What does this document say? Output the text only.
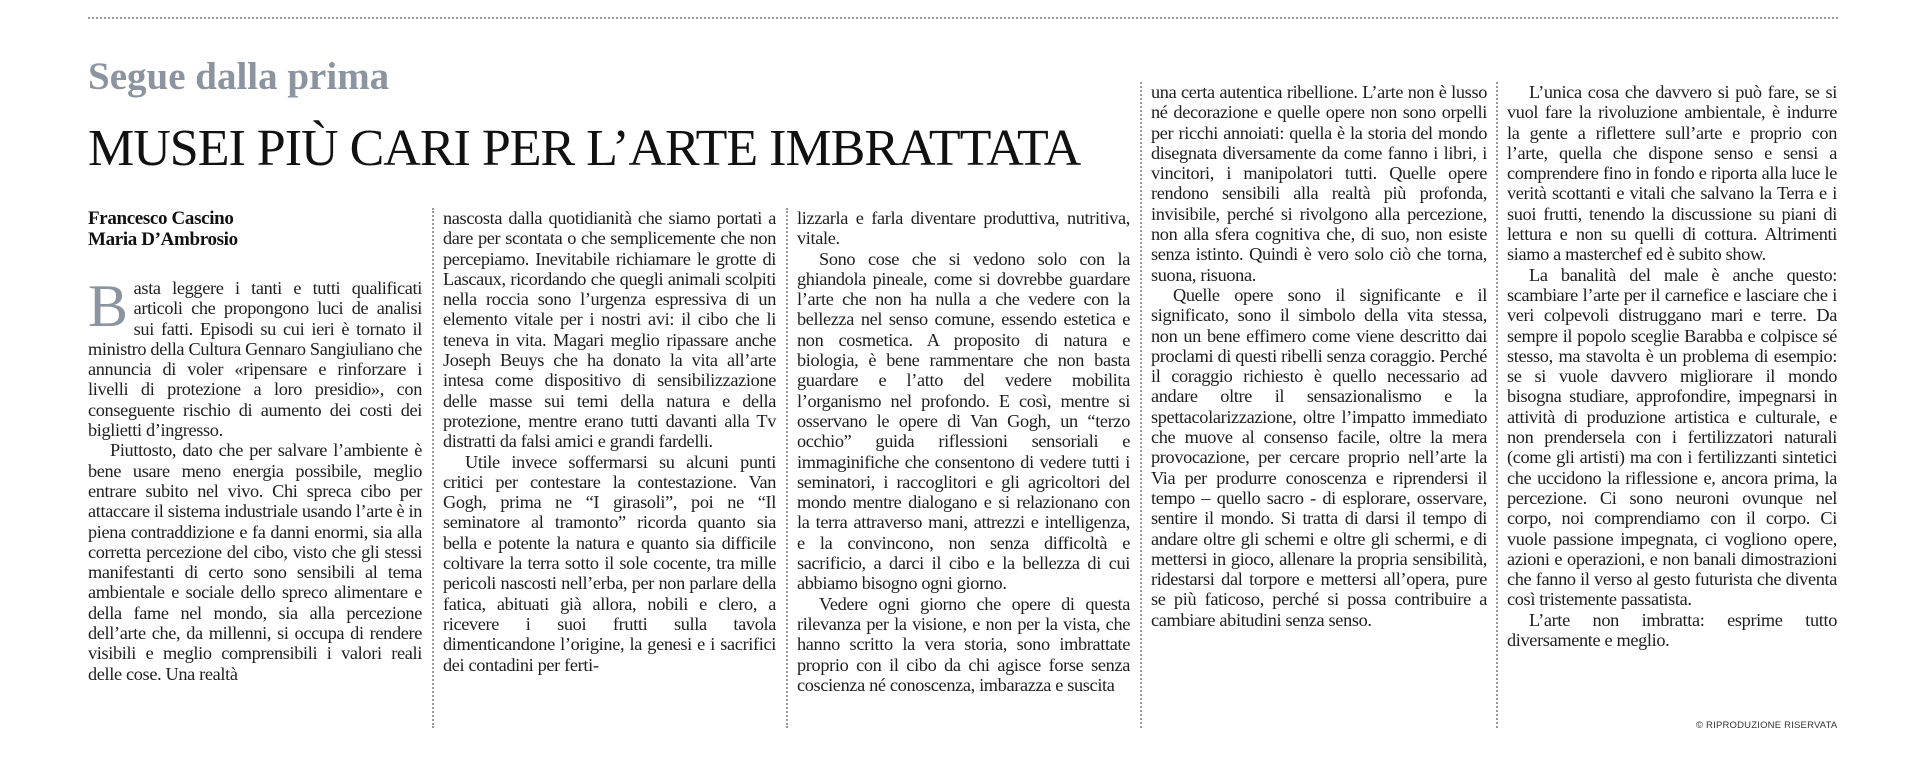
Segue dalla prima
MUSEI PIÙ CARI PER L’ARTE IMBRATTATA
Francesco Cascino
Maria D’Ambrosio

Basta leggere i tanti e tutti qualificati articoli che propongono luci de analisi sui fatti. Episodi su cui ieri è tornato il ministro della Cultura Gennaro Sangiuliano che annuncia di voler «ripensare e rinforzare i livelli di protezione a loro presidio», con conseguente rischio di aumento dei costi dei biglietti d’ingresso.

Piuttosto, dato che per salvare l’ambiente è bene usare meno energia possibile, meglio entrare subito nel vivo. Chi spreca cibo per attaccare il sistema industriale usando l’arte è in piena contraddizione e fa danni enormi, sia alla corretta percezione del cibo, visto che gli stessi manifestanti di certo sono sensibili al tema ambientale e sociale dello spreco alimentare e della fame nel mondo, sia alla percezione dell’arte che, da millenni, si occupa di rendere visibili e meglio comprensibili i valori reali delle cose. Una realtà

nascosta dalla quotidianità che siamo portati a dare per scontata o che semplicemente che non percepiamo. Inevitabile richiamare le grotte di Lascaux, ricordando che quegli animali scolpiti nella roccia sono l’urgenza espressiva di un elemento vitale per i nostri avi: il cibo che li teneva in vita. Magari meglio ripassare anche Joseph Beuys che ha donato la vita all’arte intesa come dispositivo di sensibilizzazione delle masse sui temi della natura e della protezione, mentre erano tutti davanti alla Tv distratti da falsi amici e grandi fardelli.

Utile invece soffermarsi su alcuni punti critici per contestare la contestazione. Van Gogh, prima ne “I girasoli”, poi ne “Il seminatore al tramonto” ricorda quanto sia bella e potente la natura e quanto sia difficile coltivare la terra sotto il sole cocente, tra mille pericoli nascosti nell’erba, per non parlare della fatica, abituati già allora, nobili e clero, a ricevere i suoi frutti sulla tavola dimenticandone l’origine, la genesi e i sacrifici dei contadini per ferti-

lizzarla e farla diventare produttiva, nutritiva, vitale.

Sono cose che si vedono solo con la ghiandola pineale, come si dovrebbe guardare l’arte che non ha nulla a che vedere con la bellezza nel senso comune, essendo estetica e non cosmetica. A proposito di natura e biologia, è bene rammentare che non basta guardare e l’atto del vedere mobilita l’organismo nel profondo. E così, mentre si osservano le opere di Van Gogh, un “terzo occhio” guida riflessioni sensoriali e immaginifiche che consentono di vedere tutti i seminatori, i raccoglitori e gli agricoltori del mondo mentre dialogano e si relazionano con la terra attraverso mani, attrezzi e intelligenza, e la convincono, non senza difficoltà e sacrificio, a darci il cibo e la bellezza di cui abbiamo bisogno ogni giorno.

Vedere ogni giorno che opere di questa rilevanza per la visione, e non per la vista, che hanno scritto la vera storia, sono imbrattate proprio con il cibo da chi agisce forse senza coscienza né conoscenza, imbarazza e suscita

una certa autentica ribellione. L’arte non è lusso né decorazione e quelle opere non sono orpelli per ricchi annoiati: quella è la storia del mondo disegnata diversamente da come fanno i libri, i vincitori, i manipolatori tutti. Quelle opere rendono sensibili alla realtà più profonda, invisibile, perché si rivolgono alla percezione, non alla sfera cognitiva che, di suo, non esiste senza istinto. Quindi è vero solo ciò che torna, suona, risuona.

Quelle opere sono il significante e il significato, sono il simbolo della vita stessa, non un bene effimero come viene descritto dai proclami di questi ribelli senza coraggio. Perché il coraggio richiesto è quello necessario ad andare oltre il sensazionalismo e la spettacolarizzazione, oltre l’impatto immediato che muove al consenso facile, oltre la mera provocazione, per cercare proprio nell’arte la Via per produrre conoscenza e riprendersi il tempo – quello sacro - di esplorare, osservare, sentire il mondo. Si tratta di darsi il tempo di andare oltre gli schemi e oltre gli schermi, e di mettersi in gioco, allenare la propria sensibilità, ridestarsi dal torpore e mettersi all’opera, pure se più faticoso, perché si possa contribuire a cambiare abitudini senza senso.

L’unica cosa che davvero si può fare, se si vuol fare la rivoluzione ambientale, è indurre la gente a riflettere sull’arte e proprio con l’arte, quella che dispone senso e sensi a comprendere fino in fondo e riporta alla luce le verità scottanti e vitali che salvano la Terra e i suoi frutti, tenendo la discussione su piani di lettura e non su quelli di cottura. Altrimenti siamo a masterchef ed è subito show.

La banalità del male è anche questo: scambiare l’arte per il carnefice e lasciare che i veri colpevoli distruggano mari e terre. Da sempre il popolo sceglie Barabba e colpisce sé stesso, ma stavolta è un problema di esempio: se si vuole davvero migliorare il mondo bisogna studiare, approfondire, impegnarsi in attività di produzione artistica e culturale, e non prendersela con i fertilizzatori naturali (come gli artisti) ma con i fertilizzanti sintetici che uccidono la riflessione e, ancora prima, la percezione. Ci sono neuroni ovunque nel corpo, noi comprendiamo con il corpo. Ci vuole passione impegnata, ci vogliono opere, azioni e operazioni, e non banali dimostrazioni che fanno il verso al gesto futurista che diventa così tristemente passatista.

L’arte non imbratta: esprime tutto diversamente e meglio.

© RIPRODUZIONE RISERVATA
